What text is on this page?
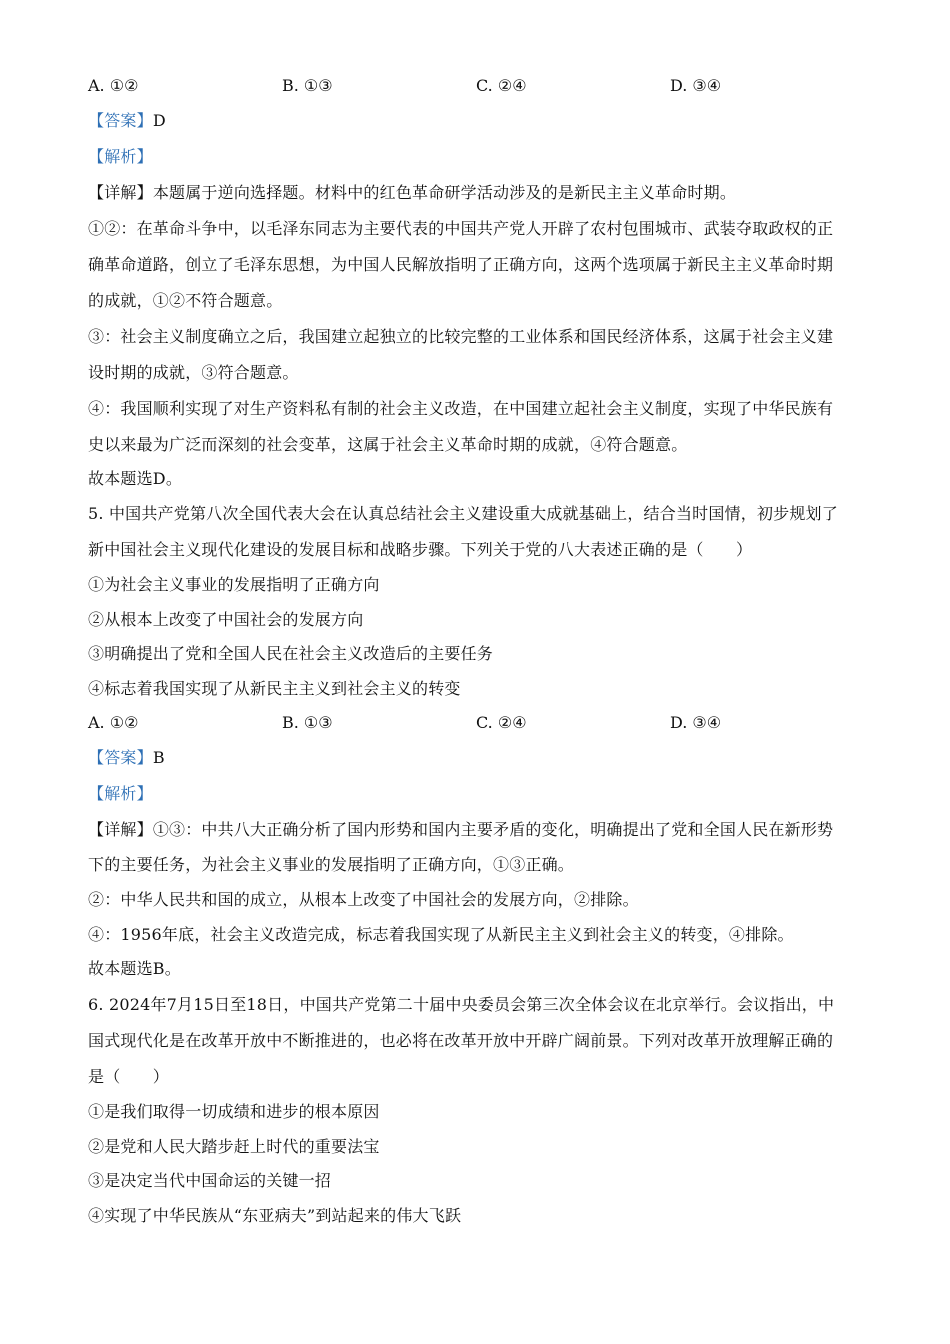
A. ①②	B. ①③	C. ②④	D. ③④
【答案】D
【解析】
【详解】本题属于逆向选择题。材料中的红色革命研学活动涉及的是新民主主义革命时期。
①②：在革命斗争中，以毛泽东同志为主要代表的中国共产党人开辟了农村包围城市、武装夺取政权的正
确革命道路，创立了毛泽东思想，为中国人民解放指明了正确方向，这两个选项属于新民主主义革命时期
的成就，①②不符合题意。
③：社会主义制度确立之后，我国建立起独立的比较完整的工业体系和国民经济体系，这属于社会主义建
设时期的成就，③符合题意。
④：我国顺利实现了对生产资料私有制的社会主义改造，在中国建立起社会主义制度，实现了中华民族有
史以来最为广泛而深刻的社会变革，这属于社会主义革命时期的成就，④符合题意。
故本题选D。
5. 中国共产党第八次全国代表大会在认真总结社会主义建设重大成就基础上，结合当时国情，初步规划了
新中国社会主义现代化建设的发展目标和战略步骤。下列关于党的八大表述正确的是（　　）
①为社会主义事业的发展指明了正确方向
②从根本上改变了中国社会的发展方向
③明确提出了党和全国人民在社会主义改造后的主要任务
④标志着我国实现了从新民主主义到社会主义的转变
A. ①②	B. ①③	C. ②④	D. ③④
【答案】B
【解析】
【详解】①③：中共八大正确分析了国内形势和国内主要矛盾的变化，明确提出了党和全国人民在新形势
下的主要任务，为社会主义事业的发展指明了正确方向，①③正确。
②：中华人民共和国的成立，从根本上改变了中国社会的发展方向，②排除。
④：1956年底，社会主义改造完成，标志着我国实现了从新民主主义到社会主义的转变，④排除。
故本题选B。
6. 2024年7月15日至18日，中国共产党第二十届中央委员会第三次全体会议在北京举行。会议指出，中
国式现代化是在改革开放中不断推进的，也必将在改革开放中开辟广阔前景。下列对改革开放理解正确的
是（　　）
①是我们取得一切成绩和进步的根本原因
②是党和人民大踏步赶上时代的重要法宝
③是决定当代中国命运的关键一招
④实现了中华民族从“东亚病夫”到站起来的伟大飞跃
